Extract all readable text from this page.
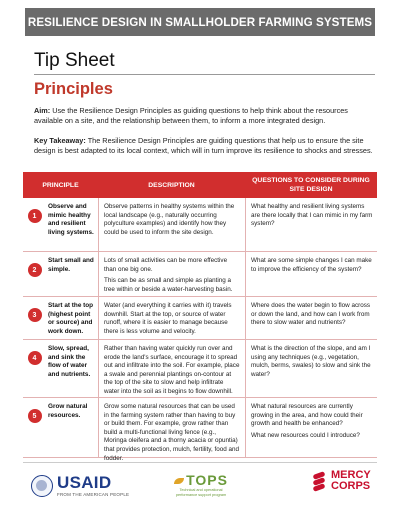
RESILIENCE DESIGN IN SMALLHOLDER FARMING SYSTEMS
Tip Sheet
Principles
Aim: Use the Resilience Design Principles as guiding questions to help think about the resources available on a site, and the relationship between them, to inform a more integrated design.
Key Takeaway: The Resilience Design Principles are guiding questions that help us to ensure the site design is best adapted to its local context, which will in turn improve its resilience to shocks and stresses.
PRINCIPLE	DESCRIPTION
QUESTIONS TO CONSIDER DURING SITE DESIGN
1
Observe and mimic healthy and resilient living systems.

Observe patterns in healthy systems within the local landscape (e.g., naturally occurring polyculture examples) and identify how they could be used to inform the site design.

What healthy and resilient living systems are there locally that I can mimic in my farm system?

2
Start small and simple.

Lots of small activities can be more effective than one big one.

This can be as small and simple as planting a tree within or beside a water-harvesting basin.

What are some simple changes I can make to improve the efficiency of the system?

3
Start at the top (highest point or source) and work down.

Water (and everything it carries with it) travels downhill. Start at the top, or source of water runoff, where it is easier to manage because there is less volume and velocity.

Where does the water begin to flow across or down the land, and how can I work from there to slow water and nutrients?

4
Slow, spread, and sink the flow of water and nutrients.

Rather than having water quickly run over and erode the land's surface, encourage it to spread out and infiltrate into the soil. For example, place a swale and perennial plantings on-contour at the top of the site to slow and help infiltrate water into the soil as it begins to flow downhill.

What is the direction of the slope, and am I using any techniques (e.g., vegetation, mulch, berms, swales) to slow and sink the water?

5
Grow natural resources.

Grow some natural resources that can be used in the farming system rather than having to buy or build them. For example, grow rather than build a multi-functional living fence (e.g., Moringa oleifera and a thorny acacia or opuntia) that provides protection, mulch, fertility, food and fodder.

What natural resources are currently growing in the area, and how could their growth and health be enhanced?

What new resources could I introduce?

USAID
FROM THE AMERICAN PEOPLE
TOPS
Technical and operational performance support program
MERCY
CORPS
